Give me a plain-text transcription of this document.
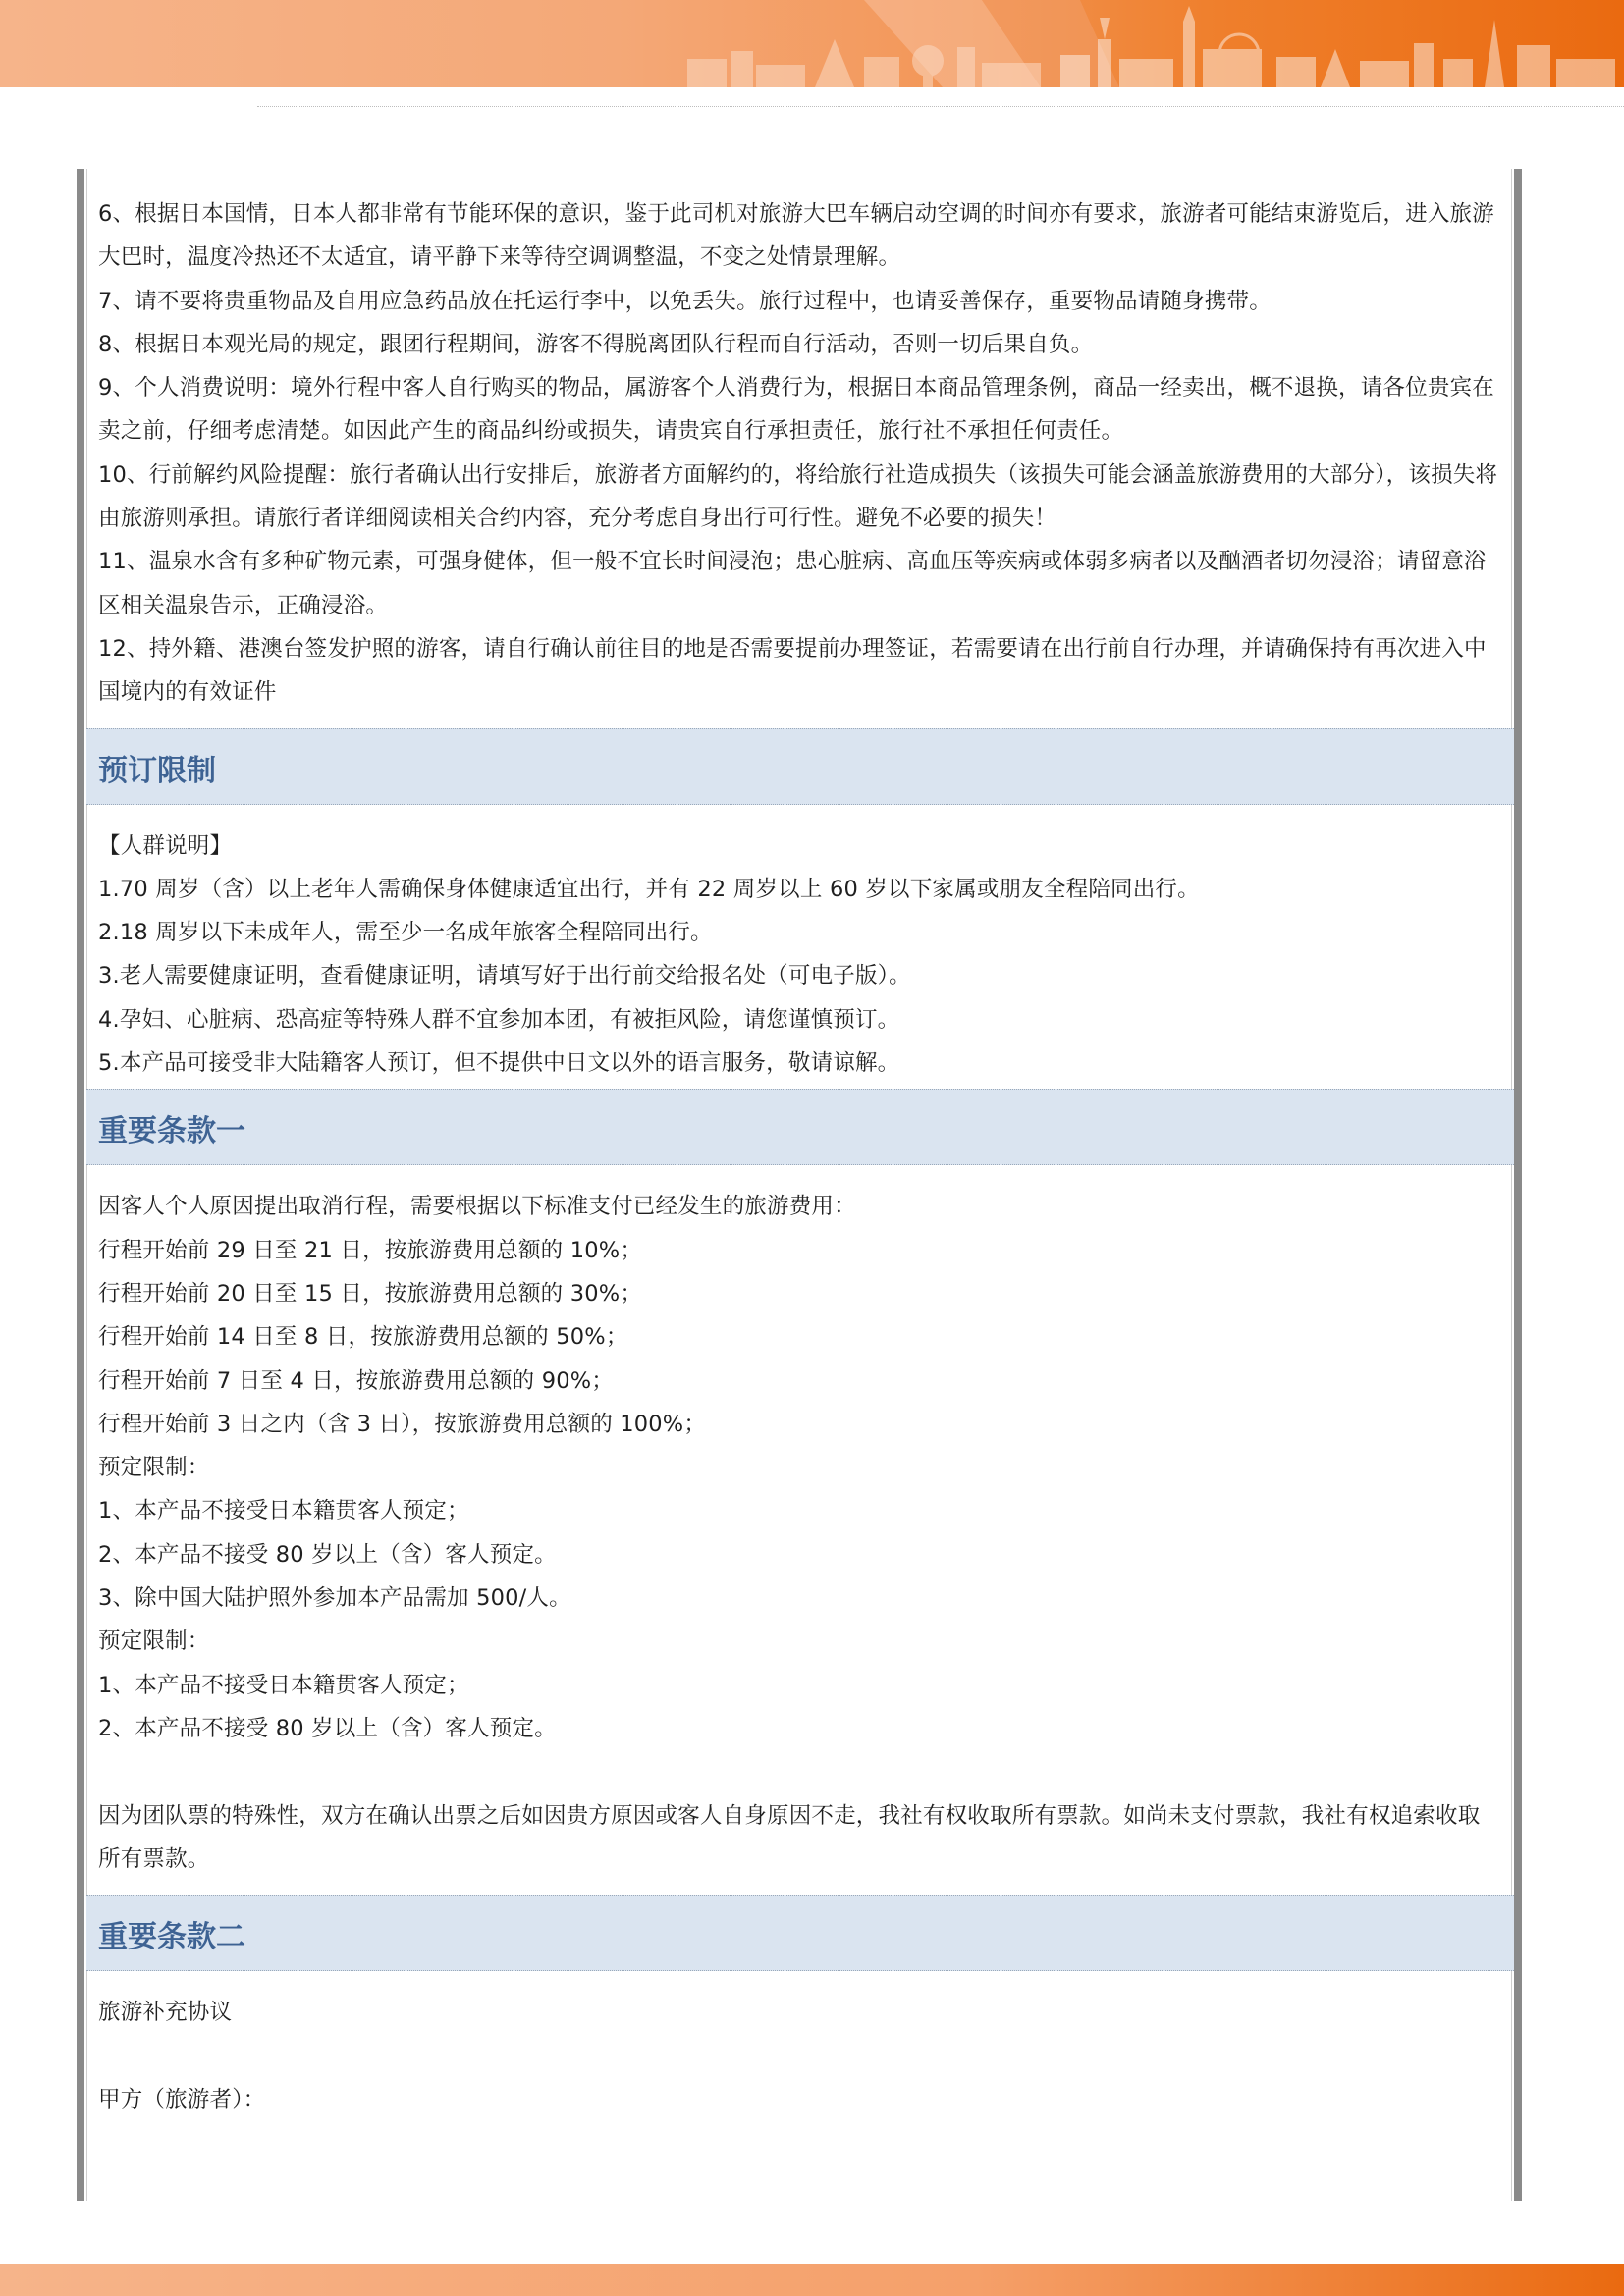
6、根据日本国情，日本人都非常有节能环保的意识，鉴于此司机对旅游大巴车辆启动空调的时间亦有要求，旅游者可能结束游览后，进入旅游大巴时，温度冷热还不太适宜，请平静下来等待空调调整温，不变之处情景理解。

7、请不要将贵重物品及自用应急药品放在托运行李中，以免丢失。旅行过程中，也请妥善保存，重要物品请随身携带。

8、根据日本观光局的规定，跟团行程期间，游客不得脱离团队行程而自行活动，否则一切后果自负。

9、个人消费说明：境外行程中客人自行购买的物品，属游客个人消费行为，根据日本商品管理条例，商品一经卖出，概不退换，请各位贵宾在卖之前，仔细考虑清楚。如因此产生的商品纠纷或损失，请贵宾自行承担责任，旅行社不承担任何责任。

10、行前解约风险提醒：旅行者确认出行安排后，旅游者方面解约的，将给旅行社造成损失（该损失可能会涵盖旅游费用的大部分），该损失将由旅游则承担。请旅行者详细阅读相关合约内容，充分考虑自身出行可行性。避免不必要的损失！

11、温泉水含有多种矿物元素，可强身健体，但一般不宜长时间浸泡；患心脏病、高血压等疾病或体弱多病者以及酗酒者切勿浸浴；请留意浴区相关温泉告示，正确浸浴。

12、持外籍、港澳台签发护照的游客，请自行确认前往目的地是否需要提前办理签证，若需要请在出行前自行办理，并请确保持有再次进入中国境内的有效证件

预订限制

【人群说明】

1.70 周岁（含）以上老年人需确保身体健康适宜出行，并有 22 周岁以上 60 岁以下家属或朋友全程陪同出行。

2.18 周岁以下未成年人，需至少一名成年旅客全程陪同出行。

3.老人需要健康证明，查看健康证明，请填写好于出行前交给报名处（可电子版）。

4.孕妇、心脏病、恐高症等特殊人群不宜参加本团，有被拒风险，请您谨慎预订。

5.本产品可接受非大陆籍客人预订，但不提供中日文以外的语言服务，敬请谅解。

重要条款一

因客人个人原因提出取消行程，需要根据以下标准支付已经发生的旅游费用：

行程开始前 29 日至 21 日，按旅游费用总额的 10%；

行程开始前 20 日至 15 日，按旅游费用总额的 30%；

行程开始前 14 日至 8 日，按旅游费用总额的 50%；

行程开始前 7 日至 4 日，按旅游费用总额的 90%；

行程开始前 3 日之内（含 3 日），按旅游费用总额的 100%；

预定限制：

1、本产品不接受日本籍贯客人预定；

2、本产品不接受 80 岁以上（含）客人预定。

3、除中国大陆护照外参加本产品需加 500/人。

预定限制：

1、本产品不接受日本籍贯客人预定；

2、本产品不接受 80 岁以上（含）客人预定。

因为团队票的特殊性，双方在确认出票之后如因贵方原因或客人自身原因不走，我社有权收取所有票款。如尚未支付票款，我社有权追索收取所有票款。

重要条款二

旅游补充协议

甲方（旅游者）：
